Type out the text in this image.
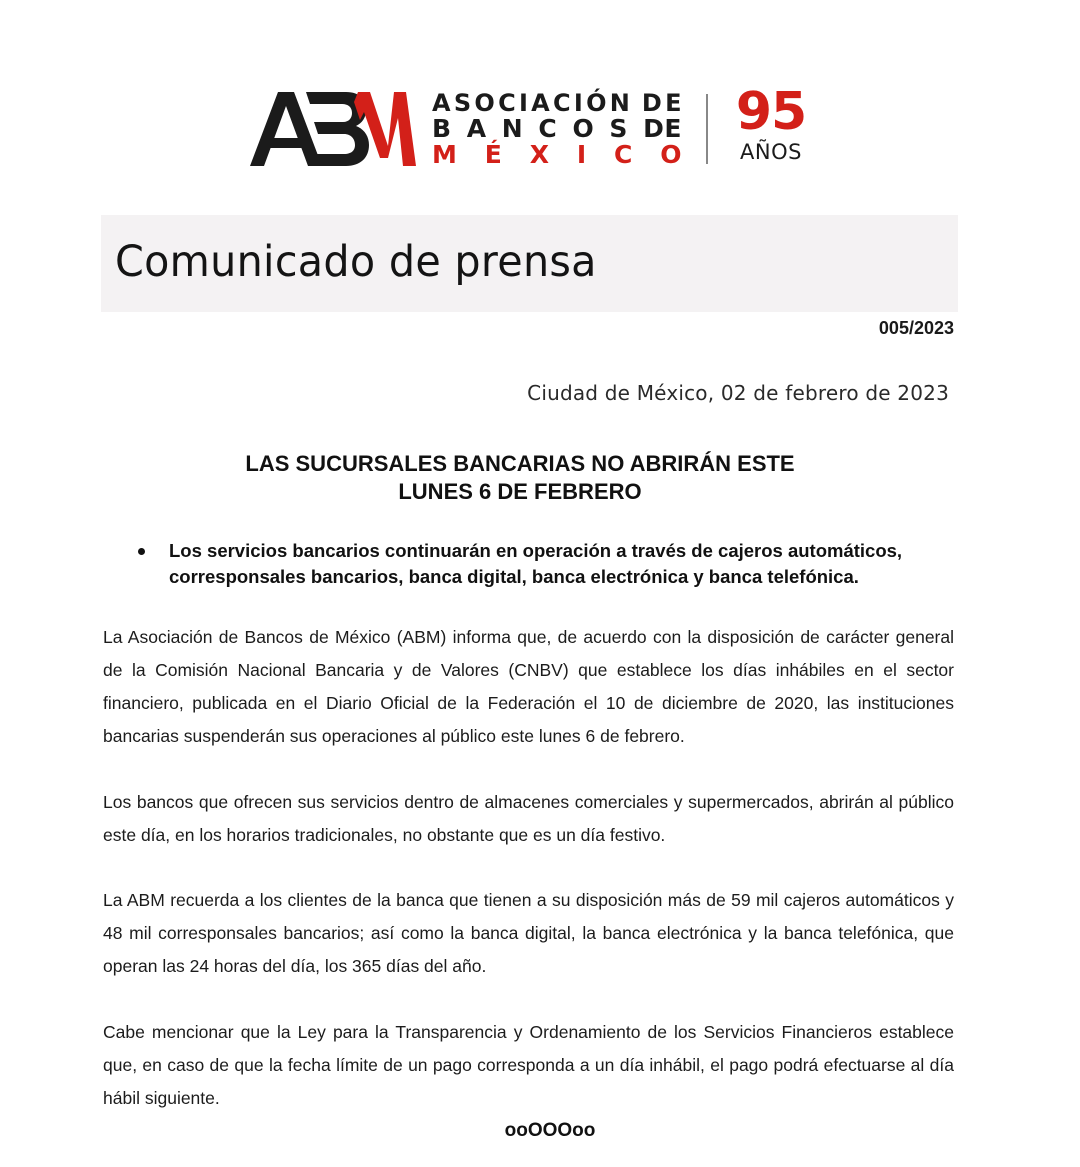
A S O C I A C I Ó N D E
B A N C O S D E
M É X I C O
95
AÑOS
Comunicado de prensa
005/2023
Ciudad de México, 02 de febrero de 2023
LAS SUCURSALES BANCARIAS NO ABRIRÁN ESTE
LUNES 6 DE FEBRERO
Los servicios bancarios continuarán en operación a través de cajeros automáticos, corresponsales bancarios, banca digital, banca electrónica y banca telefónica.

La Asociación de Bancos de México (ABM) informa que, de acuerdo con la disposición de carácter general de la Comisión Nacional Bancaria y de Valores (CNBV) que establece los días inhábiles en el sector financiero, publicada en el Diario Oficial de la Federación el 10 de diciembre de 2020, las instituciones bancarias suspenderán sus operaciones al público este lunes 6 de febrero.

Los bancos que ofrecen sus servicios dentro de almacenes comerciales y supermercados, abrirán al público este día, en los horarios tradicionales, no obstante que es un día festivo.

La ABM recuerda a los clientes de la banca que tienen a su disposición más de 59 mil cajeros automáticos y 48 mil corresponsales bancarios; así como la banca digital, la banca electrónica y la banca telefónica, que operan las 24 horas del día, los 365 días del año.

Cabe mencionar que la Ley para la Transparencia y Ordenamiento de los Servicios Financieros establece que, en caso de que la fecha límite de un pago corresponda a un día inhábil, el pago podrá efectuarse al día hábil siguiente.

ooOOOoo
